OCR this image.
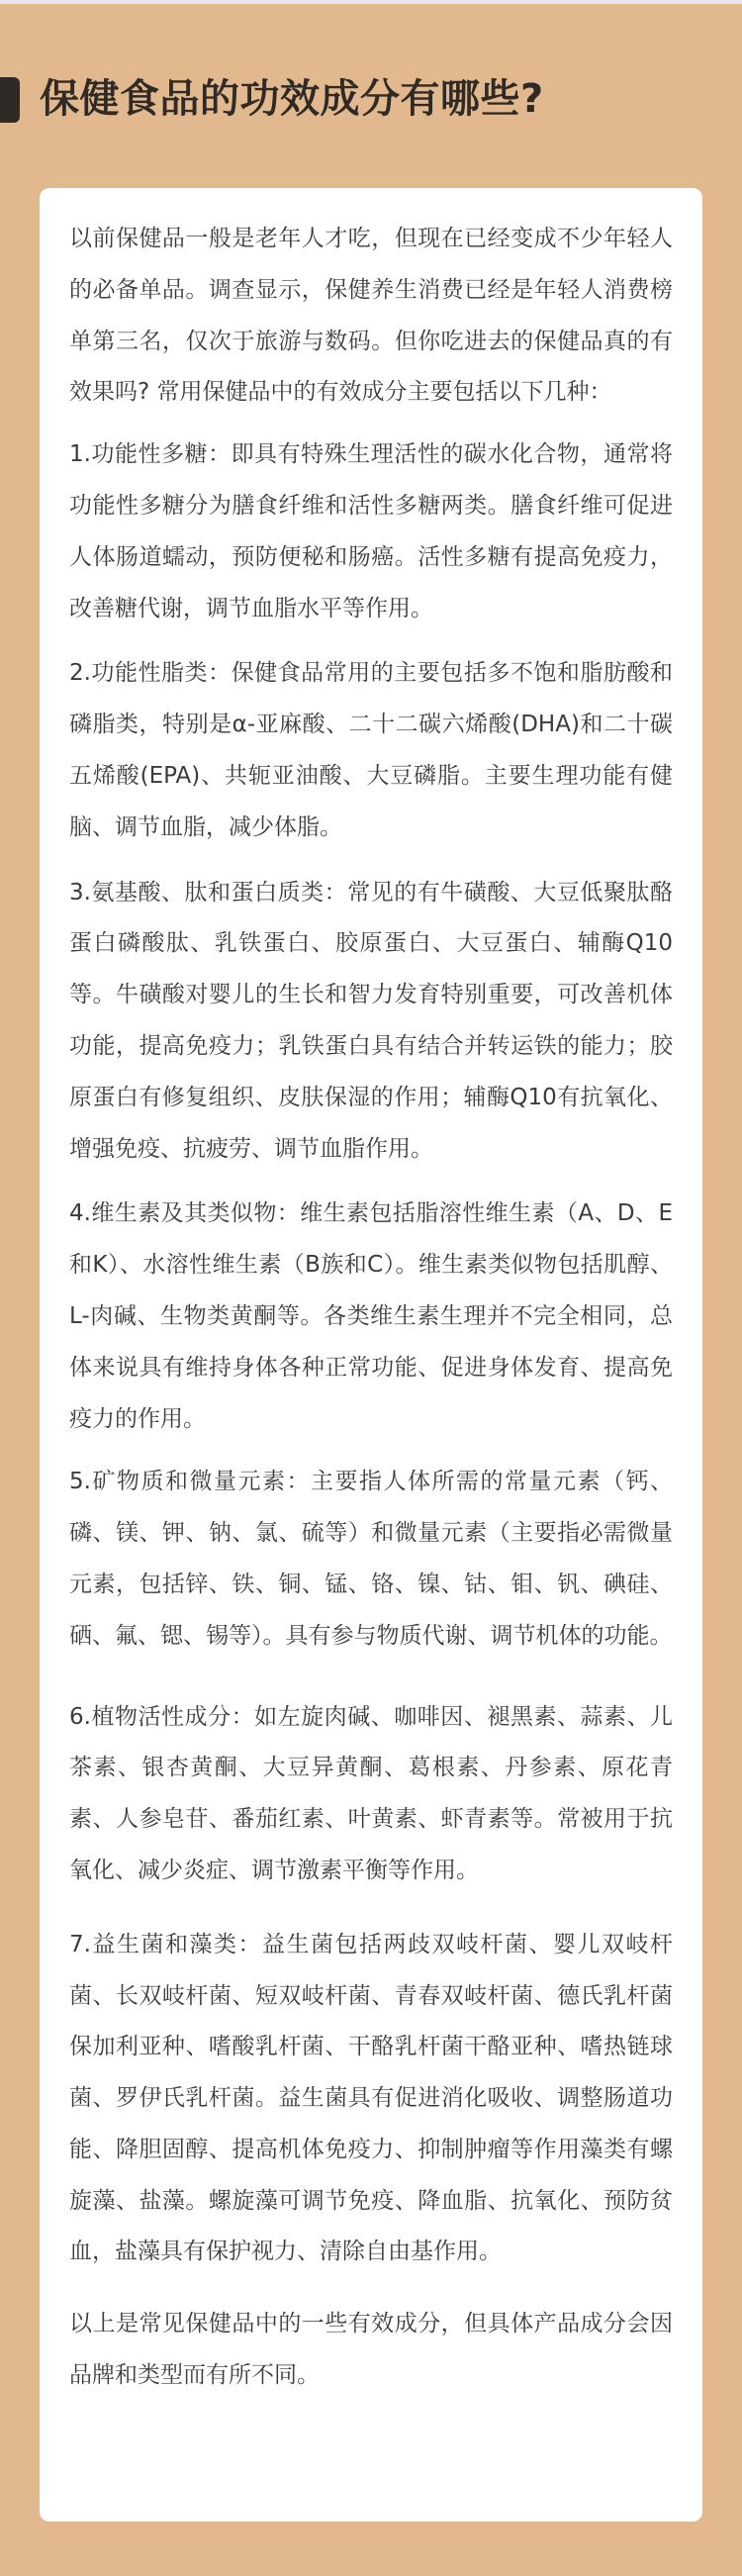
保健食品的功效成分有哪些?

以前保健品一般是老年人才吃，但现在已经变成不少年轻人的必备单品。调查显示，保健养生消费已经是年轻人消费榜单第三名，仅次于旅游与数码。但你吃进去的保健品真的有效果吗? 常用保健品中的有效成分主要包括以下几种：

1.功能性多糖：即具有特殊生理活性的碳水化合物，通常将功能性多糖分为膳食纤维和活性多糖两类。膳食纤维可促进人体肠道蠕动，预防便秘和肠癌。活性多糖有提高免疫力，改善糖代谢，调节血脂水平等作用。

2.功能性脂类：保健食品常用的主要包括多不饱和脂肪酸和磷脂类，特别是α-亚麻酸、二十二碳六烯酸(DHA)和二十碳五烯酸(EPA)、共轭亚油酸、大豆磷脂。主要生理功能有健脑、调节血脂，减少体脂。

3.氨基酸、肽和蛋白质类：常见的有牛磺酸、大豆低聚肽酪蛋白磷酸肽、乳铁蛋白、胶原蛋白、大豆蛋白、辅酶Q10等。牛磺酸对婴儿的生长和智力发育特别重要，可改善机体功能，提高免疫力；乳铁蛋白具有结合并转运铁的能力；胶原蛋白有修复组织、皮肤保湿的作用；辅酶Q10有抗氧化、增强免疫、抗疲劳、调节血脂作用。

4.维生素及其类似物：维生素包括脂溶性维生素（A、D、E和K）、水溶性维生素（B族和C）。维生素类似物包括肌醇、L-肉碱、生物类黄酮等。各类维生素生理并不完全相同，总体来说具有维持身体各种正常功能、促进身体发育、提高免疫力的作用。

5.矿物质和微量元素：主要指人体所需的常量元素（钙、磷、镁、钾、钠、氯、硫等）和微量元素（主要指必需微量元素，包括锌、铁、铜、锰、铬、镍、钴、钼、钒、碘硅、硒、氟、锶、锡等）。具有参与物质代谢、调节机体的功能。

6.植物活性成分：如左旋肉碱、咖啡因、褪黑素、蒜素、儿茶素、银杏黄酮、大豆异黄酮、葛根素、丹参素、原花青素、人参皂苷、番茄红素、叶黄素、虾青素等。常被用于抗氧化、减少炎症、调节激素平衡等作用。

7.益生菌和藻类：益生菌包括两歧双岐杆菌、婴儿双岐杆菌、长双岐杆菌、短双岐杆菌、青春双岐杆菌、德氏乳杆菌保加利亚种、嗜酸乳杆菌、干酪乳杆菌干酪亚种、嗜热链球菌、罗伊氏乳杆菌。益生菌具有促进消化吸收、调整肠道功能、降胆固醇、提高机体免疫力、抑制肿瘤等作用藻类有螺旋藻、盐藻。螺旋藻可调节免疫、降血脂、抗氧化、预防贫血，盐藻具有保护视力、清除自由基作用。

以上是常见保健品中的一些有效成分，但具体产品成分会因品牌和类型而有所不同。
